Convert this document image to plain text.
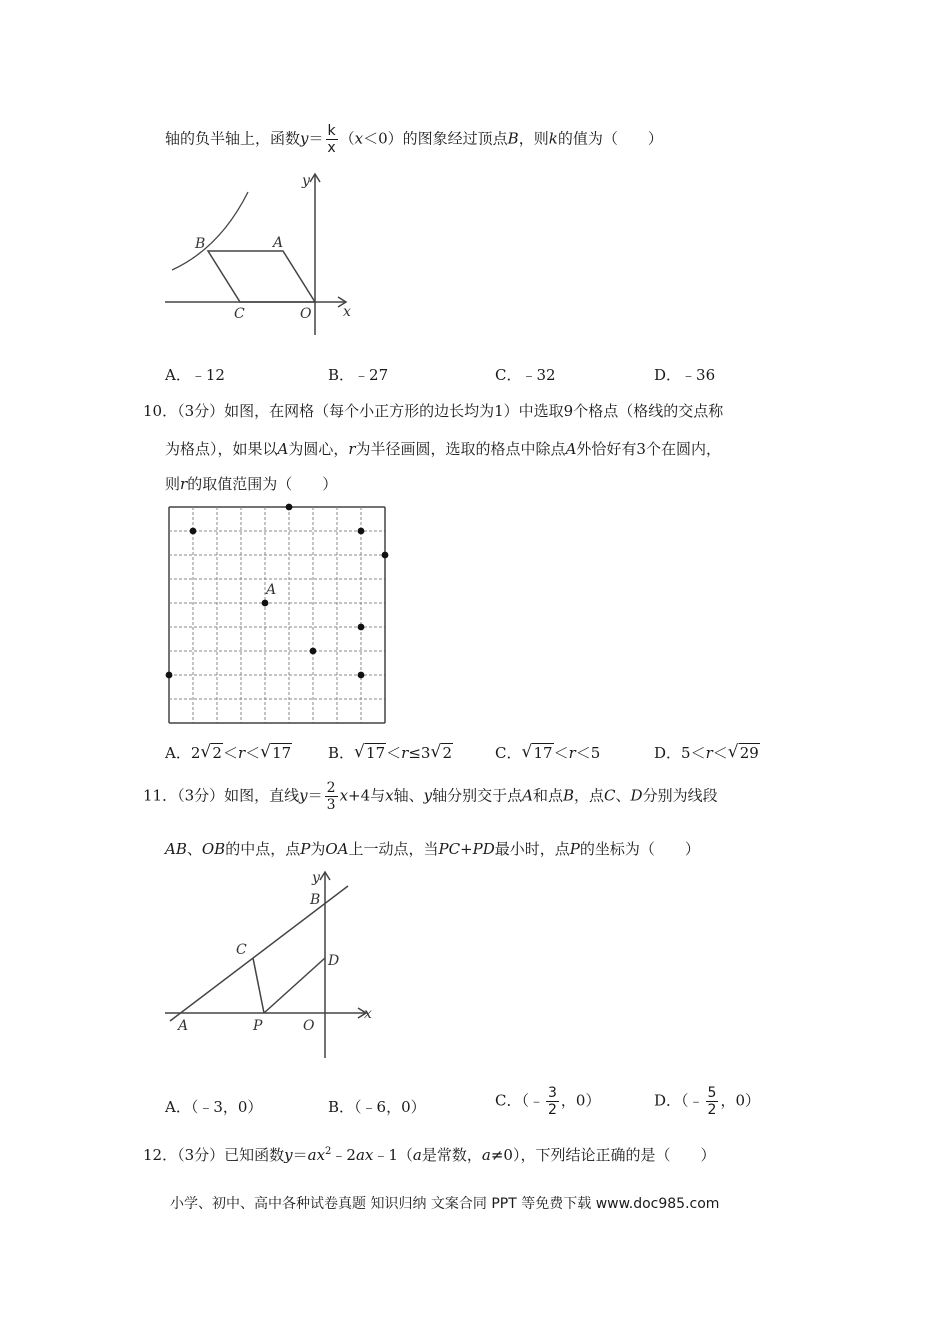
轴的负半轴上，函数$y= \frac{k}{x} (x<0)$的图象经过顶点B，则k的值为（　　）
B	A
C	O x
y
A．﹣12	B．﹣27	C．﹣32	D．﹣36
10．（3分）如图，在网格（每个小正方形的边长均为1）中选取9个格点（格线的交点称
为格点），如果以A为圆心，r为半径画圆，选取的格点中除点A外恰好有3个在圆内，
则r的取值范围为（　　）
A
A．2 √ 2＜r＜ √ 17 B． √ 17＜r≤3 √ 2	C． √ 17＜r＜5	D．5＜r＜ √ 29
11．（3分）如图，直线$y= \frac{2}{3} x+4$与x轴、y轴分别交于点A和点B，点C、D分别为线段
AB、OB的中点，点P为OA上一动点，当PC+PD最小时，点P的坐标为（　　）
B
C
D
A	P	O
x
y
A．（﹣3，0）	B．（﹣6，0）	C．（﹣ $\frac{3}{2}$ ，0）	D．（﹣ $\frac{5}{2}$ ，0）
12．（3分）已知函数$y=ax^2﹣2ax﹣1(a$是常数，a≠0），下列结论正确的是（　　）
小学、初中、高中各种试卷真题 知识归纳 文案合同 PPT 等免费下载 www.doc985.com
